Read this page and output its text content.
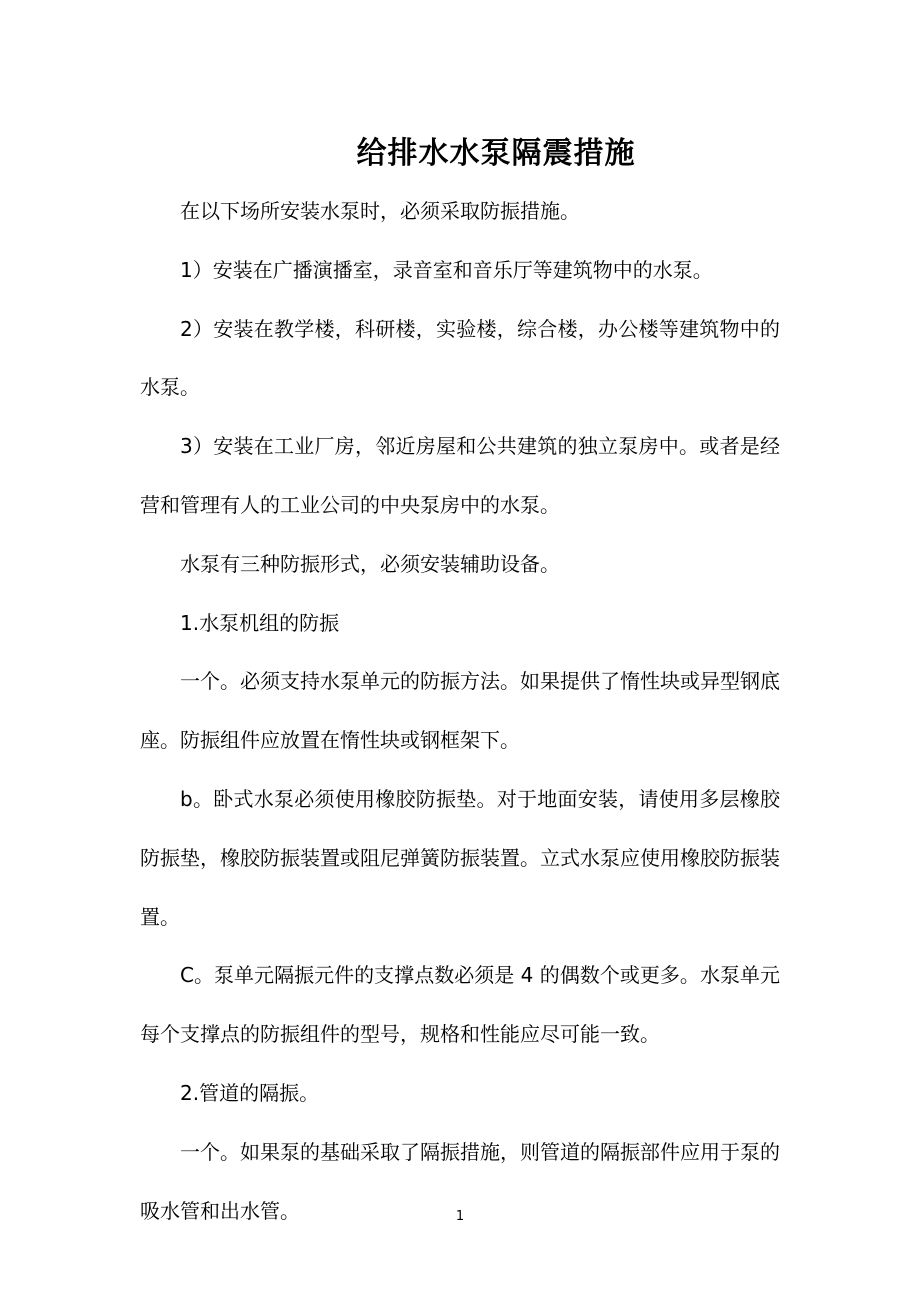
给排水水泵隔震措施

在以下场所安装水泵时，必须采取防振措施。

1）安装在广播演播室，录音室和音乐厅等建筑物中的水泵。

2）安装在教学楼，科研楼，实验楼，综合楼，办公楼等建筑物中的水泵。

3）安装在工业厂房，邻近房屋和公共建筑的独立泵房中。或者是经营和管理有人的工业公司的中央泵房中的水泵。

水泵有三种防振形式，必须安装辅助设备。

1.水泵机组的防振

一个。必须支持水泵单元的防振方法。如果提供了惰性块或异型钢底座。防振组件应放置在惰性块或钢框架下。

b。卧式水泵必须使用橡胶防振垫。对于地面安装，请使用多层橡胶防振垫，橡胶防振装置或阻尼弹簧防振装置。立式水泵应使用橡胶防振装置。

C。泵单元隔振元件的支撑点数必须是 4 的偶数个或更多。水泵单元每个支撑点的防振组件的型号，规格和性能应尽可能一致。

2.管道的隔振。

一个。如果泵的基础采取了隔振措施，则管道的隔振部件应用于泵的吸水管和出水管。	1
